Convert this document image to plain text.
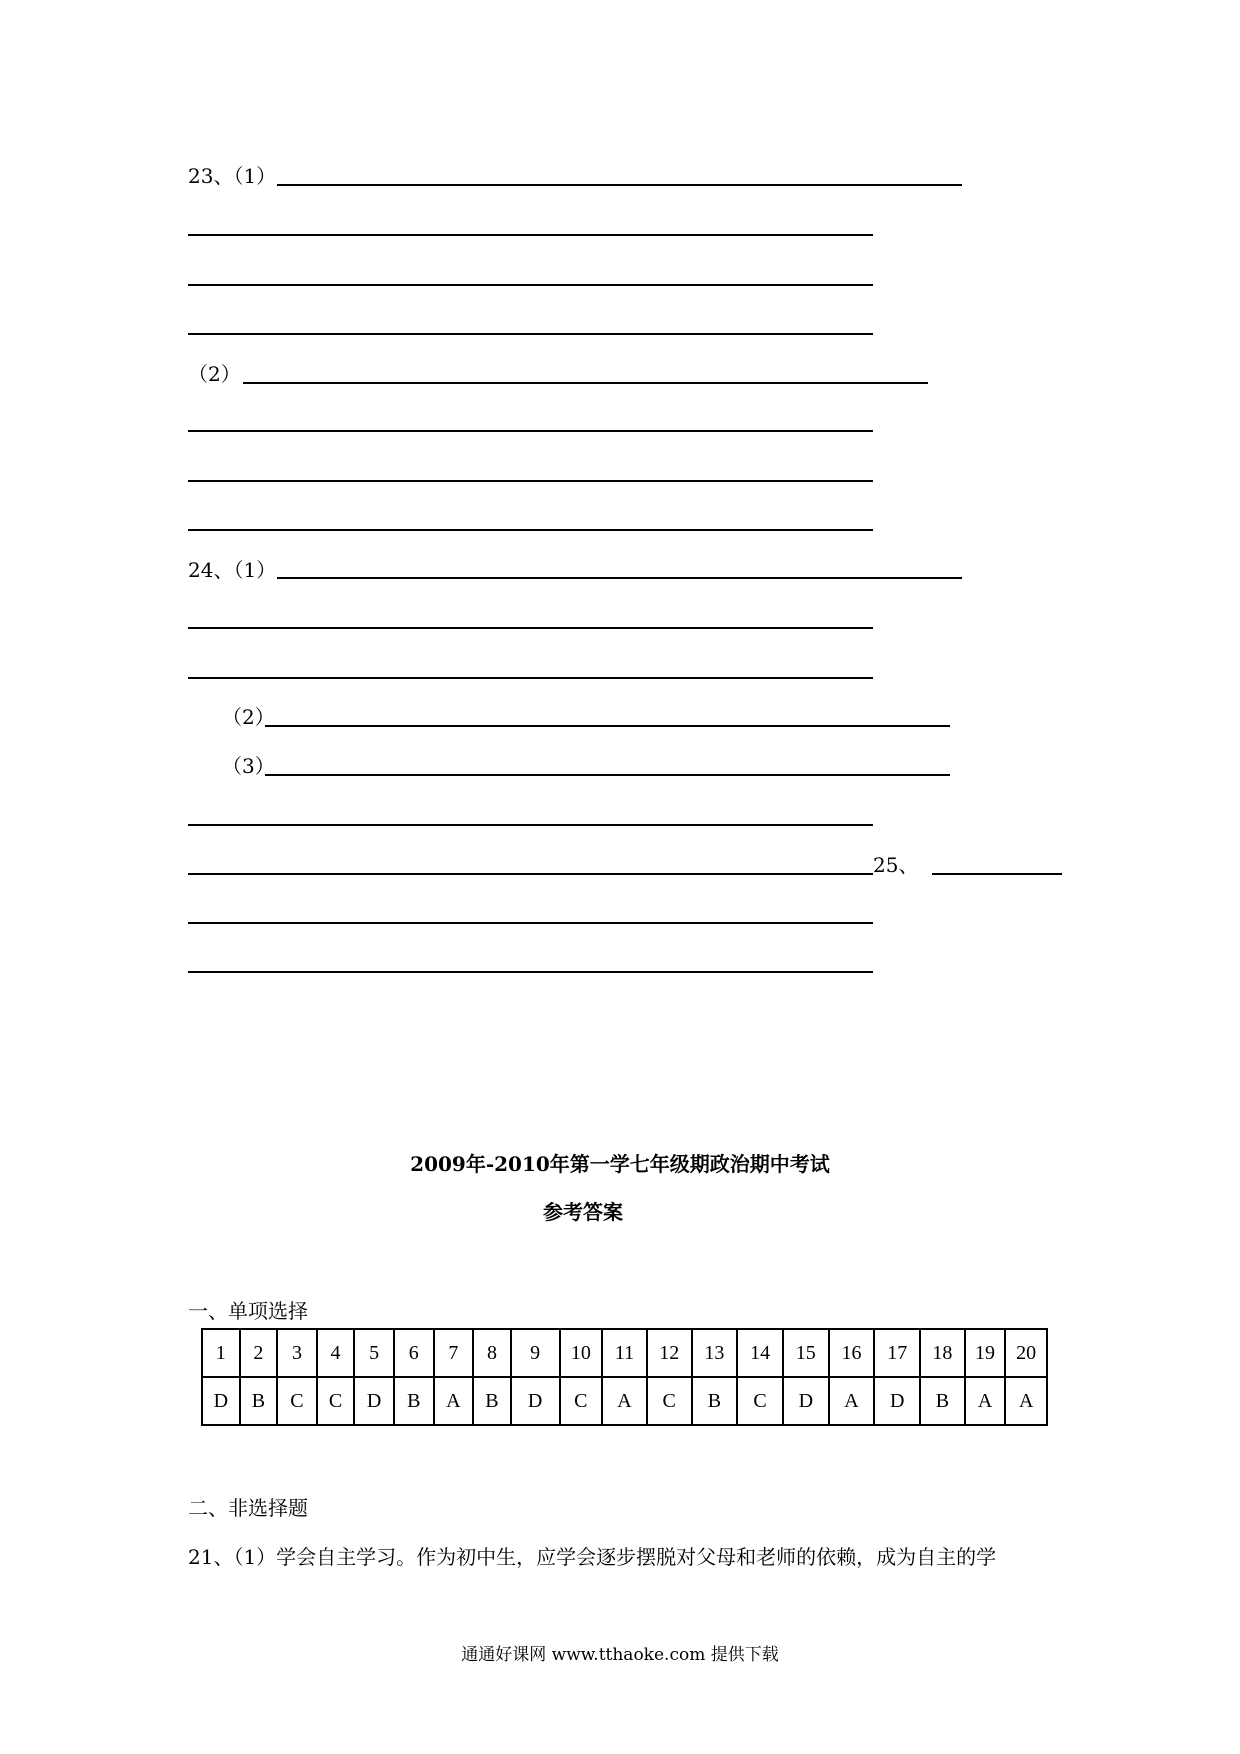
23、（1）
（2）
24、（1）
（2）
（3）
25、
2009年-2010年第一学七年级期政治期中考试
参考答案
一、单项选择
1	2	3	4	5	6	7	8	9	10	11	12	13	14	15	16	17	18	19	20
D	B	C	C	D	B	A	B	D	C	A	C	B	C	D	A	D	B	A	A
二、非选择题
21、（1）学会自主学习。作为初中生，应学会逐步摆脱对父母和老师的依赖，成为自主的学
通通好课网 www.tthaoke.com 提供下载
